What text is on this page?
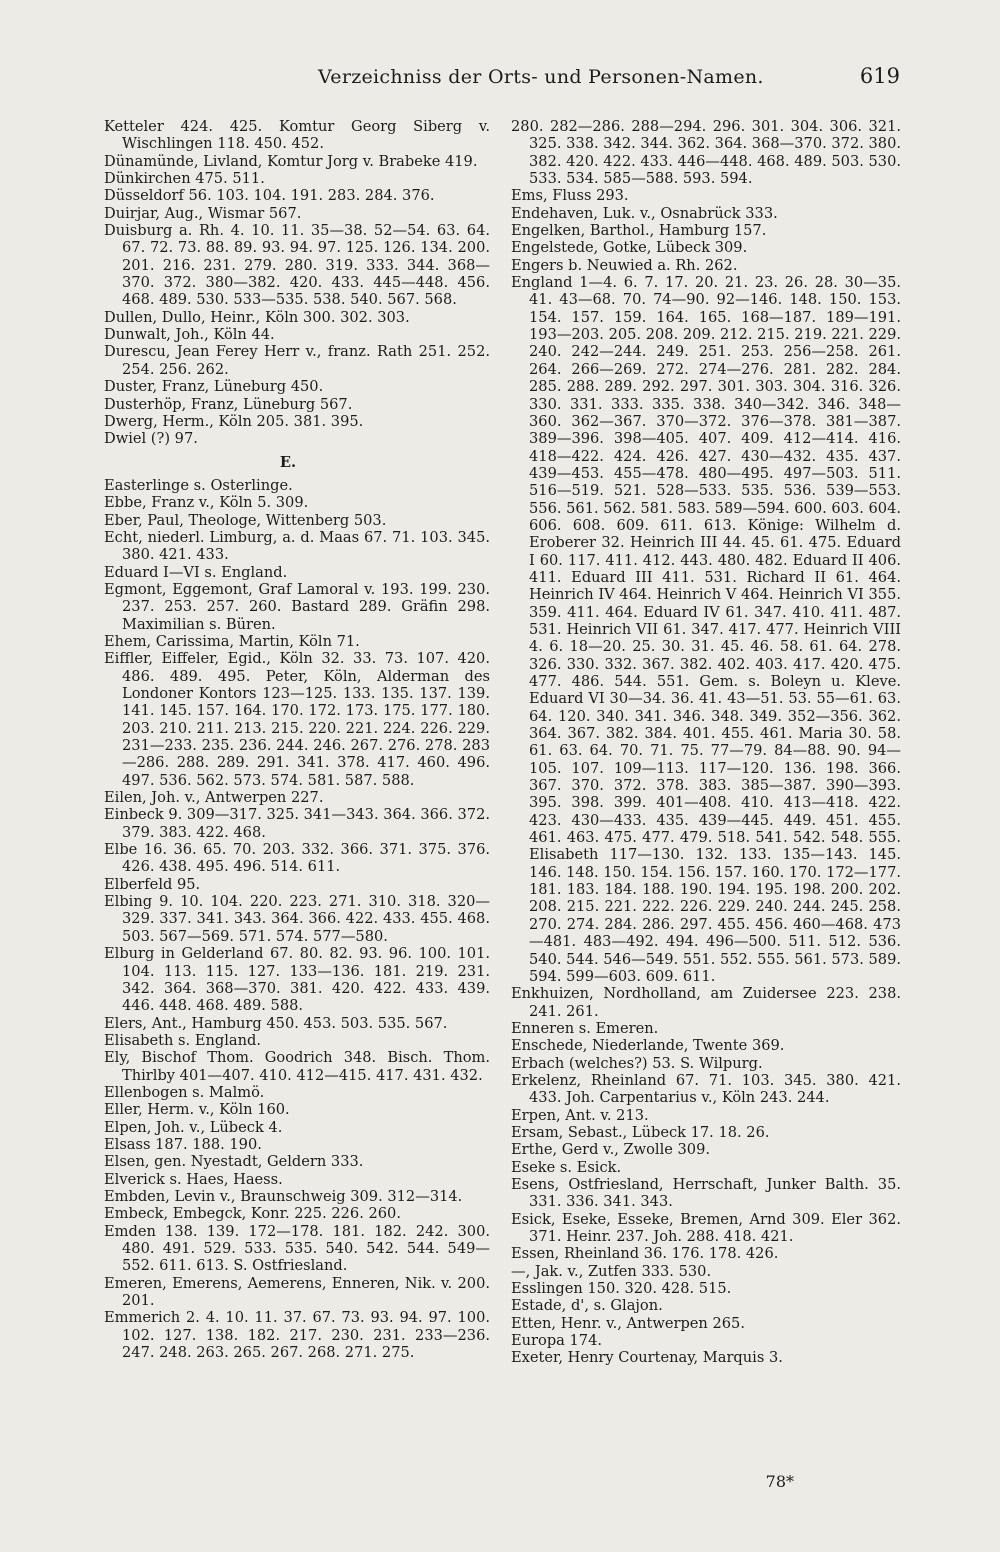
Verzeichniss der Orts- und Personen-Namen.	619
Ketteler 424. 425. Komtur Georg Siberg v. Wischlingen 118. 450. 452.
Dünamünde, Livland, Komtur Jorg v. Brabeke 419.
Dünkirchen 475. 511.
Düsseldorf 56. 103. 104. 191. 283. 284. 376.
Duirjar, Aug., Wismar 567.
Duisburg a. Rh. 4. 10. 11. 35—38. 52—54. 63. 64. 67. 72. 73. 88. 89. 93. 94. 97. 125. 126. 134. 200. 201. 216. 231. 279. 280. 319. 333. 344. 368—370. 372. 380—382. 420. 433. 445—448. 456. 468. 489. 530. 533—535. 538. 540. 567. 568.
Dullen, Dullo, Heinr., Köln 300. 302. 303.
Dunwalt, Joh., Köln 44.
Durescu, Jean Ferey Herr v., franz. Rath 251. 252. 254. 256. 262.
Duster, Franz, Lüneburg 450.
Dusterhöp, Franz, Lüneburg 567.
Dwerg, Herm., Köln 205. 381. 395.
Dwiel (?) 97.
E.
Easterlinge s. Osterlinge.
Ebbe, Franz v., Köln 5. 309.
Eber, Paul, Theologe, Wittenberg 503.
Echt, niederl. Limburg, a. d. Maas 67. 71. 103. 345. 380. 421. 433.
Eduard I—VI s. England.
Egmont, Eggemont, Graf Lamoral v. 193. 199. 230. 237. 253. 257. 260. Bastard 289. Gräfin 298. Maximilian s. Büren.
Ehem, Carissima, Martin, Köln 71.
Eiffler, Eiffeler, Egid., Köln 32. 33. 73. 107. 420. 486. 489. 495. Peter, Köln, Alderman des Londoner Kontors 123—125. 133. 135. 137. 139. 141. 145. 157. 164. 170. 172. 173. 175. 177. 180. 203. 210. 211. 213. 215. 220. 221. 224. 226. 229. 231—233. 235. 236. 244. 246. 267. 276. 278. 283—286. 288. 289. 291. 341. 378. 417. 460. 496. 497. 536. 562. 573. 574. 581. 587. 588.
Eilen, Joh. v., Antwerpen 227.
Einbeck 9. 309—317. 325. 341—343. 364. 366. 372. 379. 383. 422. 468.
Elbe 16. 36. 65. 70. 203. 332. 366. 371. 375. 376. 426. 438. 495. 496. 514. 611.
Elberfeld 95.
Elbing 9. 10. 104. 220. 223. 271. 310. 318. 320—329. 337. 341. 343. 364. 366. 422. 433. 455. 468. 503. 567—569. 571. 574. 577—580.
Elburg in Gelderland 67. 80. 82. 93. 96. 100. 101. 104. 113. 115. 127. 133—136. 181. 219. 231. 342. 364. 368—370. 381. 420. 422. 433. 439. 446. 448. 468. 489. 588.
Elers, Ant., Hamburg 450. 453. 503. 535. 567.
Elisabeth s. England.
Ely, Bischof Thom. Goodrich 348. Bisch. Thom. Thirlby 401—407. 410. 412—415. 417. 431. 432.
Ellenbogen s. Malmö.
Eller, Herm. v., Köln 160.
Elpen, Joh. v., Lübeck 4.
Elsass 187. 188. 190.
Elsen, gen. Nyestadt, Geldern 333.
Elverick s. Haes, Haess.
Embden, Levin v., Braunschweig 309. 312—314.
Embeck, Embegck, Konr. 225. 226. 260.
Emden 138. 139. 172—178. 181. 182. 242. 300. 480. 491. 529. 533. 535. 540. 542. 544. 549—552. 611. 613. S. Ostfriesland.
Emeren, Emerens, Aemerens, Enneren, Nik. v. 200. 201.
Emmerich 2. 4. 10. 11. 37. 67. 73. 93. 94. 97. 100. 102. 127. 138. 182. 217. 230. 231. 233—236. 247. 248. 263. 265. 267. 268. 271. 275.
280. 282—286. 288—294. 296. 301. 304. 306. 321. 325. 338. 342. 344. 362. 364. 368—370. 372. 380. 382. 420. 422. 433. 446—448. 468. 489. 503. 530. 533. 534. 585—588. 593. 594.
Ems, Fluss 293.
Endehaven, Luk. v., Osnabrück 333.
Engelken, Barthol., Hamburg 157.
Engelstede, Gotke, Lübeck 309.
Engers b. Neuwied a. Rh. 262.
England 1—4. 6. 7. 17. 20. 21. 23. 26. 28. 30—35. 41. 43—68. 70. 74—90. 92—146. 148. 150. 153. 154. 157. 159. 164. 165. 168—187. 189—191. 193—203. 205. 208. 209. 212. 215. 219. 221. 229. 240. 242—244. 249. 251. 253. 256—258. 261. 264. 266—269. 272. 274—276. 281. 282. 284. 285. 288. 289. 292. 297. 301. 303. 304. 316. 326. 330. 331. 333. 335. 338. 340—342. 346. 348—360. 362—367. 370—372. 376—378. 381—387. 389—396. 398—405. 407. 409. 412—414. 416. 418—422. 424. 426. 427. 430—432. 435. 437. 439—453. 455—478. 480—495. 497—503. 511. 516—519. 521. 528—533. 535. 536. 539—553. 556. 561. 562. 581. 583. 589—594. 600. 603. 604. 606. 608. 609. 611. 613. Könige: Wilhelm d. Eroberer 32. Heinrich III 44. 45. 61. 475. Eduard I 60. 117. 411. 412. 443. 480. 482. Eduard II 406. 411. Eduard III 411. 531. Richard II 61. 464. Heinrich IV 464. Heinrich V 464. Heinrich VI 355. 359. 411. 464. Eduard IV 61. 347. 410. 411. 487. 531. Heinrich VII 61. 347. 417. 477. Heinrich VIII 4. 6. 18—20. 25. 30. 31. 45. 46. 58. 61. 64. 278. 326. 330. 332. 367. 382. 402. 403. 417. 420. 475. 477. 486. 544. 551. Gem. s. Boleyn u. Kleve. Eduard VI 30—34. 36. 41. 43—51. 53. 55—61. 63. 64. 120. 340. 341. 346. 348. 349. 352—356. 362. 364. 367. 382. 384. 401. 455. 461. Maria 30. 58. 61. 63. 64. 70. 71. 75. 77—79. 84—88. 90. 94—105. 107. 109—113. 117—120. 136. 198. 366. 367. 370. 372. 378. 383. 385—387. 390—393. 395. 398. 399. 401—408. 410. 413—418. 422. 423. 430—433. 435. 439—445. 449. 451. 455. 461. 463. 475. 477. 479. 518. 541. 542. 548. 555. Elisabeth 117—130. 132. 133. 135—143. 145. 146. 148. 150. 154. 156. 157. 160. 170. 172—177. 181. 183. 184. 188. 190. 194. 195. 198. 200. 202. 208. 215. 221. 222. 226. 229. 240. 244. 245. 258. 270. 274. 284. 286. 297. 455. 456. 460—468. 473—481. 483—492. 494. 496—500. 511. 512. 536. 540. 544. 546—549. 551. 552. 555. 561. 573. 589. 594. 599—603. 609. 611.
Enkhuizen, Nordholland, am Zuidersee 223. 238. 241. 261.
Enneren s. Emeren.
Enschede, Niederlande, Twente 369.
Erbach (welches?) 53. S. Wilpurg.
Erkelenz, Rheinland 67. 71. 103. 345. 380. 421. 433. Joh. Carpentarius v., Köln 243. 244.
Erpen, Ant. v. 213.
Ersam, Sebast., Lübeck 17. 18. 26.
Erthe, Gerd v., Zwolle 309.
Eseke s. Esick.
Esens, Ostfriesland, Herrschaft, Junker Balth. 35. 331. 336. 341. 343.
Esick, Eseke, Esseke, Bremen, Arnd 309. Eler 362. 371. Heinr. 237. Joh. 288. 418. 421.
Essen, Rheinland 36. 176. 178. 426.
—, Jak. v., Zutfen 333. 530.
Esslingen 150. 320. 428. 515.
Estade, d', s. Glajon.
Etten, Henr. v., Antwerpen 265.
Europa 174.
Exeter, Henry Courtenay, Marquis 3.
78*
